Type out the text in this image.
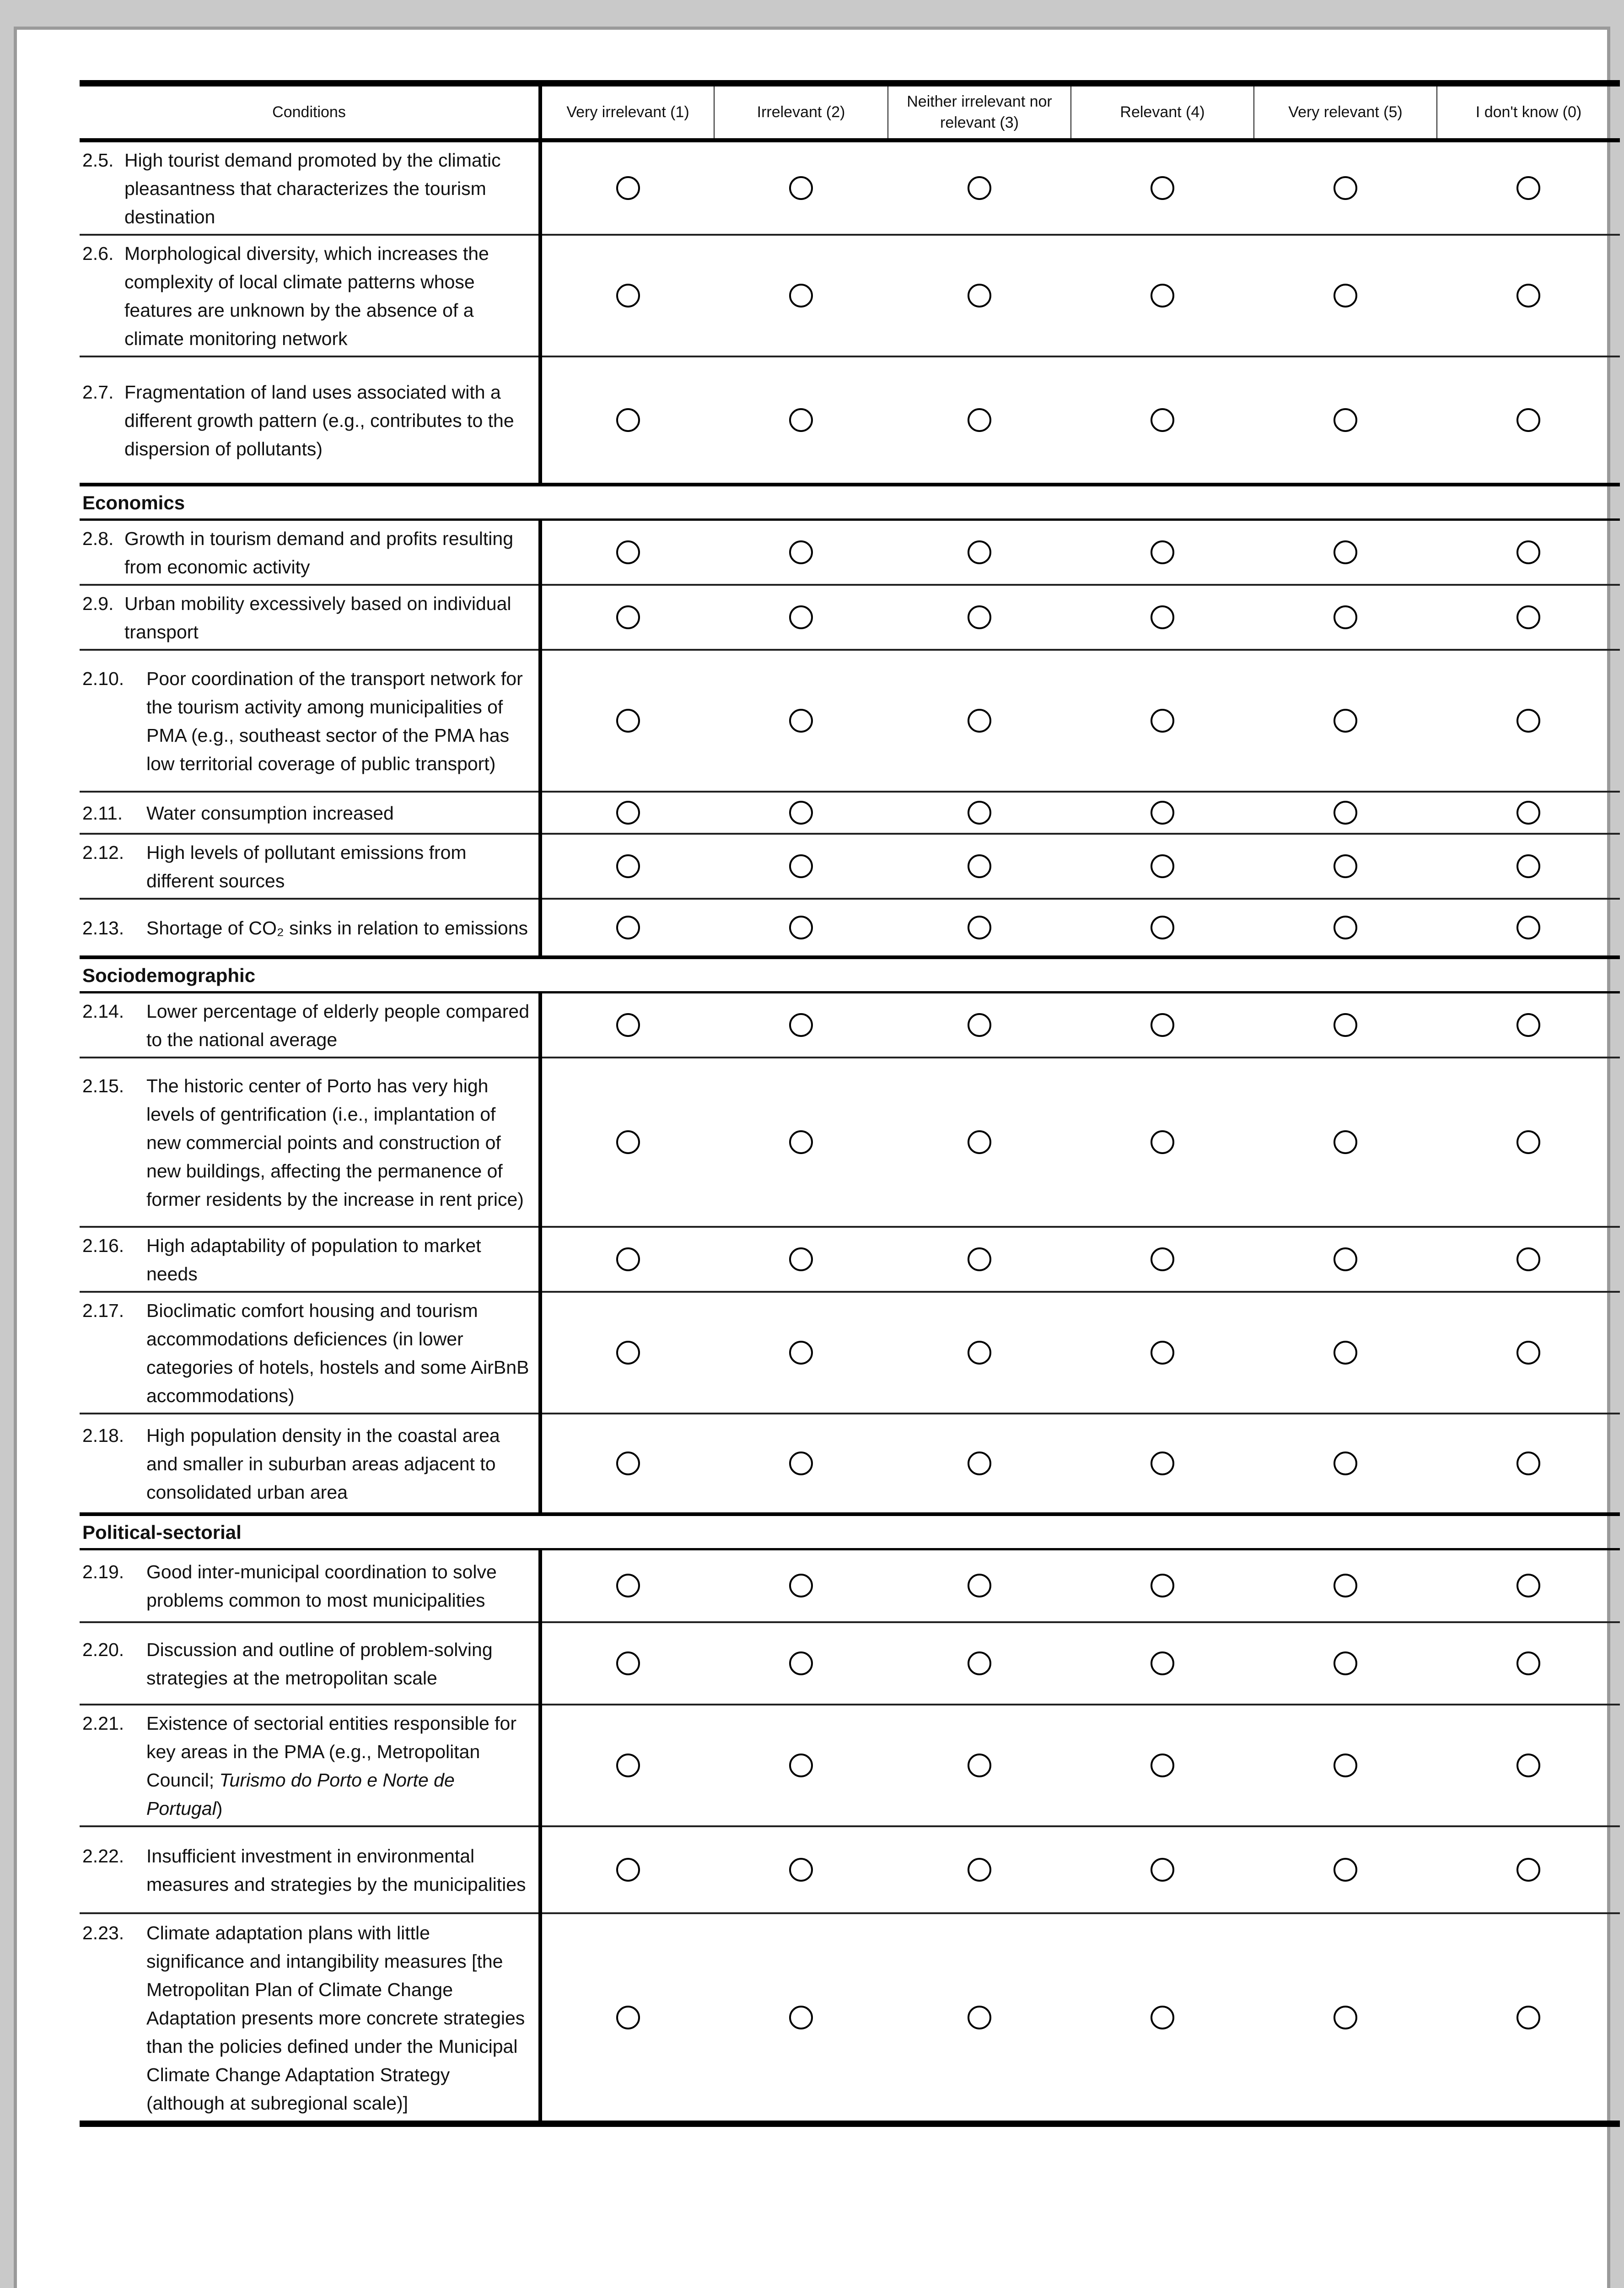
Conditions	Very irrelevant (1)	Irrelevant (2)	Neither irrelevant nor relevant (3)	Relevant (4)	Very relevant (5)	I don't know (0)

2.5. High tourist demand promoted by the climatic pleasantness that characterizes the tourism destination						

2.6. Morphological diversity, which increases the complexity of local climate patterns whose features are unknown by the absence of a climate monitoring network						

2.7. Fragmentation of land uses associated with a different growth pattern (e.g., contributes to the dispersion of pollutants)						

Economics						

2.8. Growth in tourism demand and profits resulting from economic activity						

2.9. Urban mobility excessively based on individual transport						

2.10. Poor coordination of the transport network for the tourism activity among municipalities of PMA (e.g., southeast sector of the PMA has low territorial coverage of public transport)						

2.11. Water consumption increased						

2.12. High levels of pollutant emissions from different sources						

2.13. Shortage of CO₂ sinks in relation to emissions						

Sociodemographic						

2.14. Lower percentage of elderly people compared to the national average						

2.15. The historic center of Porto has very high levels of gentrification (i.e., implantation of new commercial points and construction of new buildings, affecting the permanence of former residents by the increase in rent price)						

2.16. High adaptability of population to market needs						

2.17. Bioclimatic comfort housing and tourism accommodations deficiences (in lower categories of hotels, hostels and some AirBnB accommodations)						

2.18. High population density in the coastal area and smaller in suburban areas adjacent to consolidated urban area						

Political-sectorial						

2.19. Good inter-municipal coordination to solve problems common to most municipalities						

2.20. Discussion and outline of problem-solving strategies at the metropolitan scale						

2.21. Existence of sectorial entities responsible for key areas in the PMA (e.g., Metropolitan Council; Turismo do Porto e Norte de Portugal)						

2.22. Insufficient investment in environmental measures and strategies by the municipalities						

2.23. Climate adaptation plans with little significance and intangibility measures [the Metropolitan Plan of Climate Change Adaptation presents more concrete strategies than the policies defined under the Municipal Climate Change Adaptation Strategy (although at subregional scale)]						
